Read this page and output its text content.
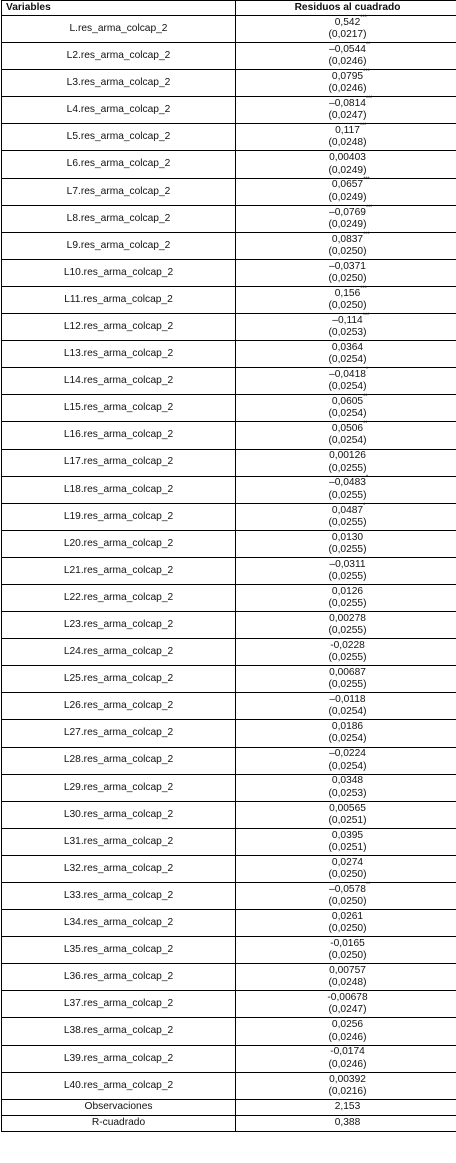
Variables	Residuos al cuadrado
L.res_arma_colcap_2	0,542 ***
(0,0217)

L2.res_arma_colcap_2	–0,0544 **
(0,0246)

L3.res_arma_colcap_2	0,0795 ***
(0,0246)

L4.res_arma_colcap_2	–0,0814 ***
(0,0247)

L5.res_arma_colcap_2	0,117 ***
(0,0248)

L6.res_arma_colcap_2	0,00403
(0,0249)

L7.res_arma_colcap_2	0,0657 ***
(0,0249)

L8.res_arma_colcap_2	–0,0769 ***
(0,0249)

L9.res_arma_colcap_2	0,0837 ***
(0,0250)

L10.res_arma_colcap_2	–0,0371
(0,0250)

L11.res_arma_colcap_2	0,156 ***
(0,0250)

L12.res_arma_colcap_2	–0,114 ***
(0,0253)

L13.res_arma_colcap_2	0,0364
(0,0254)

L14.res_arma_colcap_2	–0,0418 *
(0,0254)

L15.res_arma_colcap_2	0,0605 **
(0,0254)

L16.res_arma_colcap_2	0,0506 **
(0,0254)

L17.res_arma_colcap_2	0,00126
(0,0255)

L18.res_arma_colcap_2	–0,0483 *
(0,0255)

L19.res_arma_colcap_2	0,0487 *
(0,0255)

L20.res_arma_colcap_2	0,0130
(0,0255)

L21.res_arma_colcap_2	–0,0311
(0,0255)

L22.res_arma_colcap_2	0,0126
(0,0255)

L23.res_arma_colcap_2	0,00278
(0,0255)

L24.res_arma_colcap_2	-0,0228
(0,0255)

L25.res_arma_colcap_2	0,00687
(0,0255)

L26.res_arma_colcap_2	–0,0118
(0,0254)

L27.res_arma_colcap_2	0,0186
(0,0254)

L28.res_arma_colcap_2	–0,0224
(0,0254)

L29.res_arma_colcap_2	0,0348
(0,0253)

L30.res_arma_colcap_2	0,00565
(0,0251)

L31.res_arma_colcap_2	0,0395
(0,0251)

L32.res_arma_colcap_2	0,0274
(0,0250)

L33.res_arma_colcap_2	–0,0578 **
(0,0250)

L34.res_arma_colcap_2	0,0261
(0,0250)

L35.res_arma_colcap_2	-0,0165
(0,0250)

L36.res_arma_colcap_2	0,00757
(0,0248)

L37.res_arma_colcap_2	-0,00678
(0,0247)

L38.res_arma_colcap_2	0,0256
(0,0246)

L39.res_arma_colcap_2	-0,0174
(0,0246)

L40.res_arma_colcap_2	0,00392
(0,0216)

Observaciones	2,153
R-cuadrado	0,388
